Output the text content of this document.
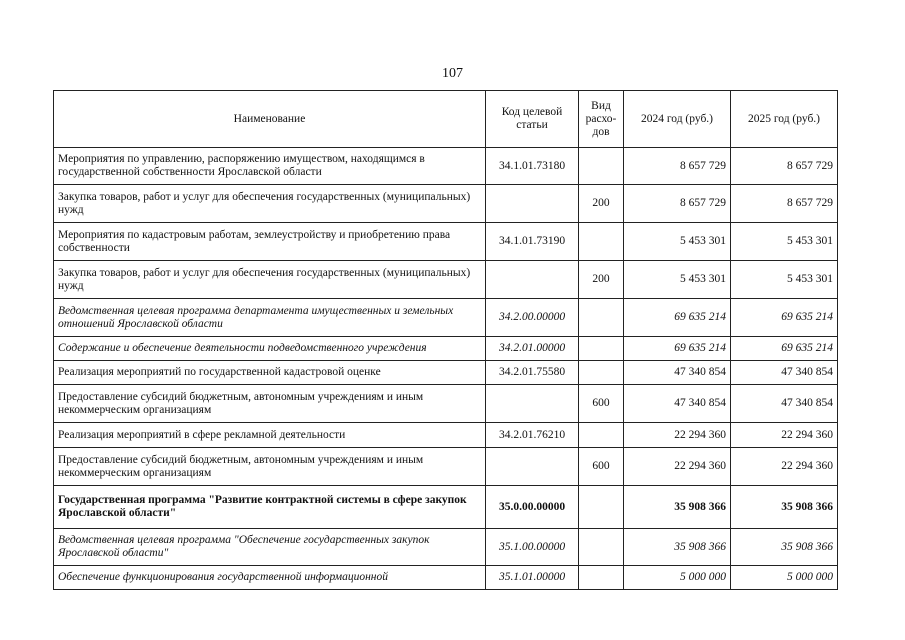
107
Наименование	Код целевой статьи	Вид расхо-дов	2024 год (руб.)	2025 год (руб.)
Мероприятия по управлению, распоряжению имуществом, находящимся в государственной собственности Ярославской области	34.1.01.73180		8 657 729	8 657 729
Закупка товаров, работ и услуг для обеспечения государственных (муниципальных) нужд		200	8 657 729	8 657 729
Мероприятия по кадастровым работам, землеустройству и приобретению права собственности	34.1.01.73190		5 453 301	5 453 301
Закупка товаров, работ и услуг для обеспечения государственных (муниципальных) нужд		200	5 453 301	5 453 301
Ведомственная целевая программа департамента имущественных и земельных отношений Ярославской области	34.2.00.00000		69 635 214	69 635 214
Содержание и обеспечение деятельности подведомственного учреждения	34.2.01.00000		69 635 214	69 635 214
Реализация мероприятий по государственной кадастровой оценке	34.2.01.75580		47 340 854	47 340 854
Предоставление субсидий бюджетным, автономным учреждениям и иным некоммерческим организациям		600	47 340 854	47 340 854
Реализация мероприятий в сфере рекламной деятельности	34.2.01.76210		22 294 360	22 294 360
Предоставление субсидий бюджетным, автономным учреждениям и иным некоммерческим организациям		600	22 294 360	22 294 360
Государственная программа "Развитие контрактной системы в сфере закупок Ярославской области"	35.0.00.00000		35 908 366	35 908 366
Ведомственная целевая программа "Обеспечение государственных закупок Ярославской области"	35.1.00.00000		35 908 366	35 908 366
Обеспечение функционирования государственной информационной	35.1.01.00000		5 000 000	5 000 000
